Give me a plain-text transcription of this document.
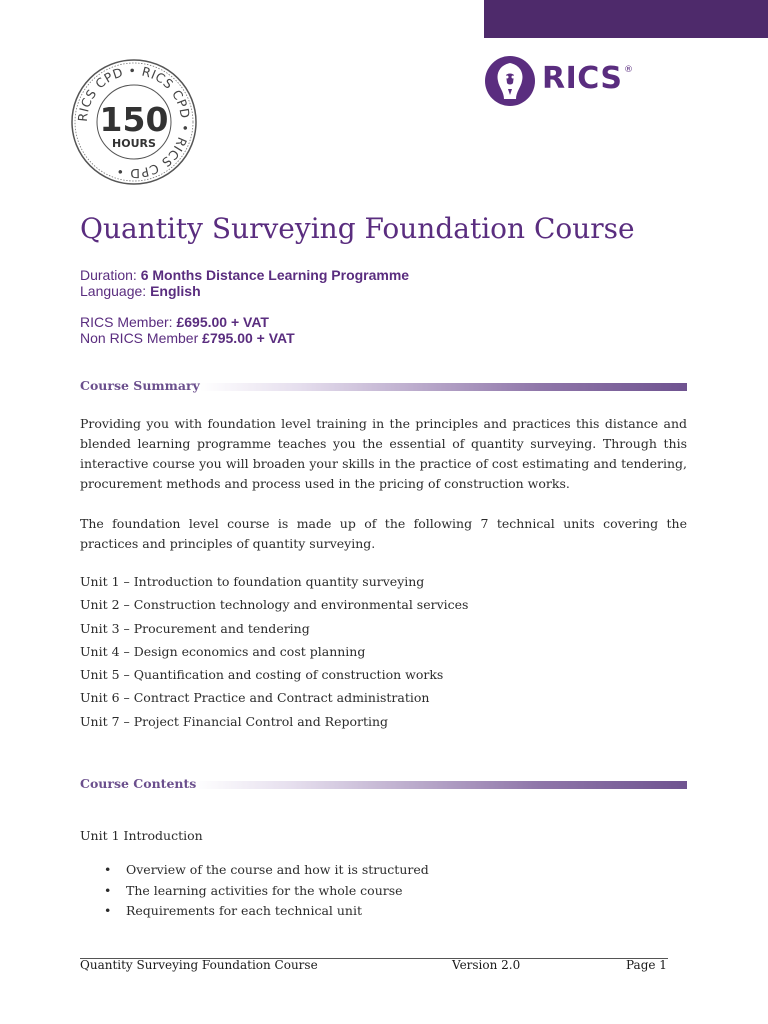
RICS CPD • RICS CPD • RICS CPD •
150
HOURS
RICS ®
Quantity Surveying Foundation Course
Duration: 6 Months Distance Learning Programme
Language: English
RICS Member: £695.00 + VAT
Non RICS Member £795.00 + VAT
Course Summary

Providing you with foundation level training in the principles and practices this distance and blended learning programme teaches you the essential of quantity surveying. Through this interactive course you will broaden your skills in the practice of cost estimating and tendering, procurement methods and process used in the pricing of construction works.

The foundation level course is made up of the following 7 technical units covering the practices and principles of quantity surveying.

Unit 1 – Introduction to foundation quantity surveying
Unit 2 – Construction technology and environmental services
Unit 3 – Procurement and tendering
Unit 4 – Design economics and cost planning
Unit 5 – Quantification and costing of construction works
Unit 6 – Contract Practice and Contract administration
Unit 7 – Project Financial Control and Reporting
Course Contents
Unit 1 Introduction
• Overview of the course and how it is structured
• The learning activities for the whole course
• Requirements for each technical unit
Quantity Surveying Foundation Course	Version 2.0	Page 1
